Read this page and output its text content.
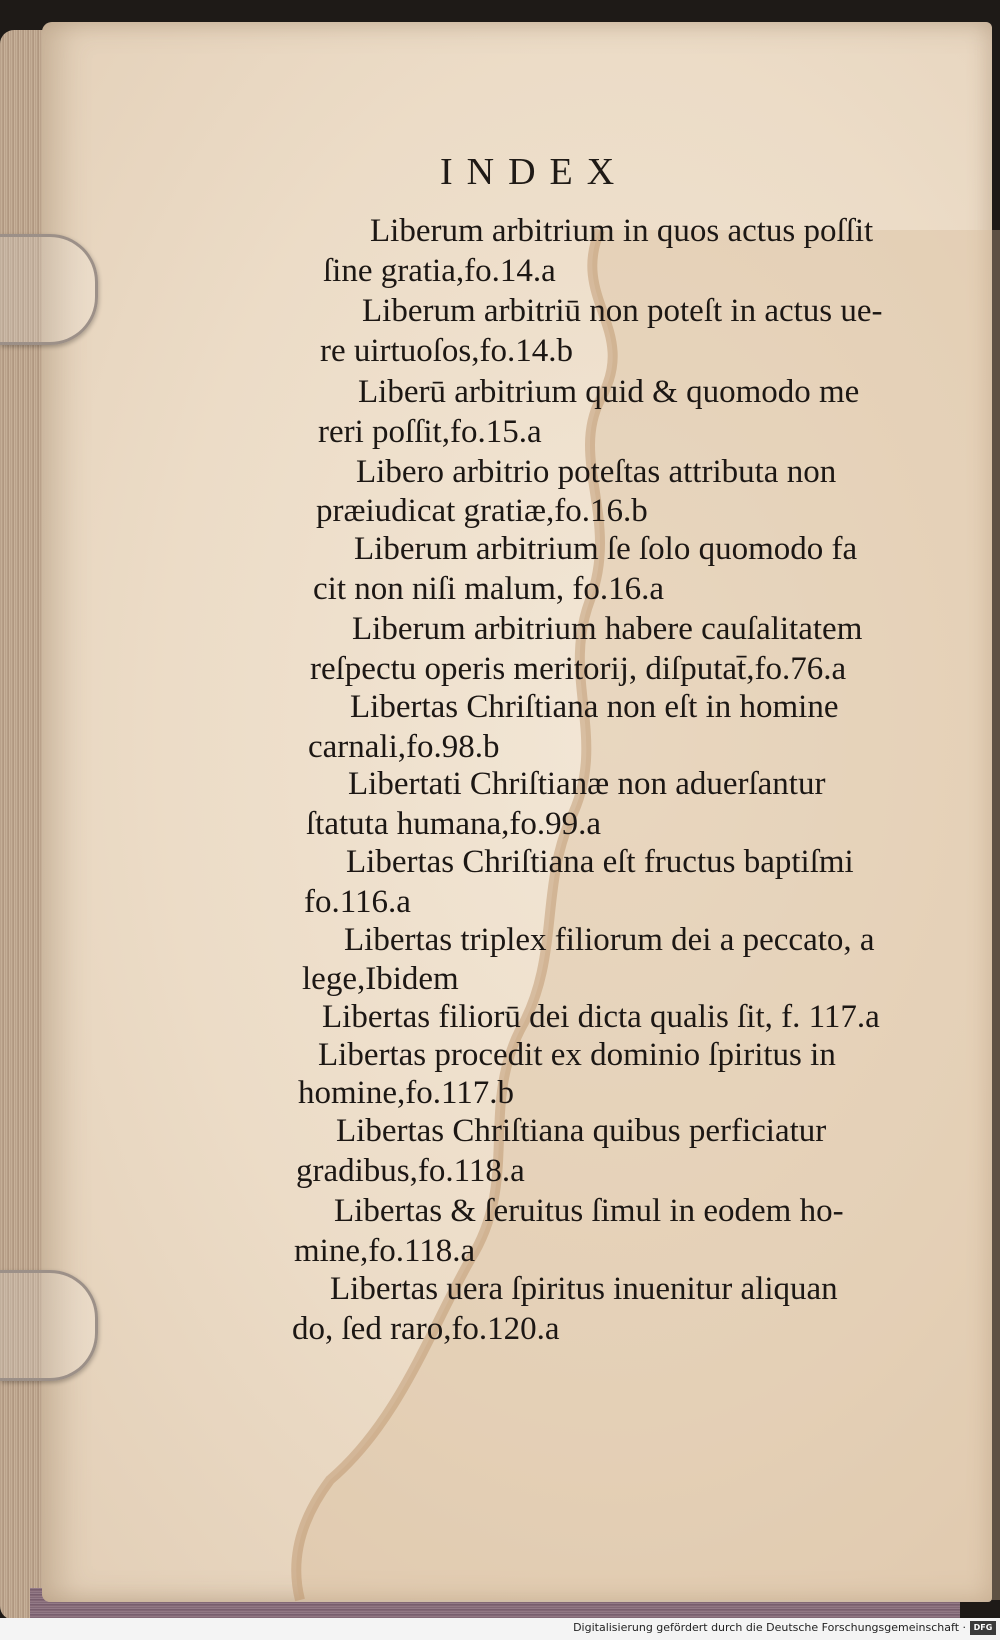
INDEX
Liberum arbitrium in quos actus poſſit
ſine gratia,fo.14.a
Liberum arbitriū non poteſt in actus ue-
re uirtuoſos,fo.14.b
Liberū arbitrium quid & quomodo me
reri poſſit,fo.15.a
Libero arbitrio poteſtas attributa non
præiudicat gratiæ,fo.16.b
Liberum arbitrium ſe ſolo quomodo fa
cit non niſi malum, fo.16.a
Liberum arbitrium habere cauſalitatem
reſpectu operis meritorij, diſputat̄,fo.76.a
Libertas Chriſtiana non eſt in homine
carnali,fo.98.b
Libertati Chriſtianæ non aduerſantur
ſtatuta humana,fo.99.a
Libertas Chriſtiana eſt fructus baptiſmi
fo.116.a
Libertas triplex filiorum dei a peccato, a
lege,Ibidem
Libertas filiorū dei dicta qualis ſit, f. 117.a
Libertas procedit ex dominio ſpiritus in
homine,fo.117.b
Libertas Chriſtiana quibus perficiatur
gradibus,fo.118.a
Libertas & ſeruitus ſimul in eodem ho-
mine,fo.118.a
Libertas uera ſpiritus inuenitur aliquan
do, ſed raro,fo.120.a
Digitalisierung gefördert durch die Deutsche Forschungsgemeinschaft · DFG
